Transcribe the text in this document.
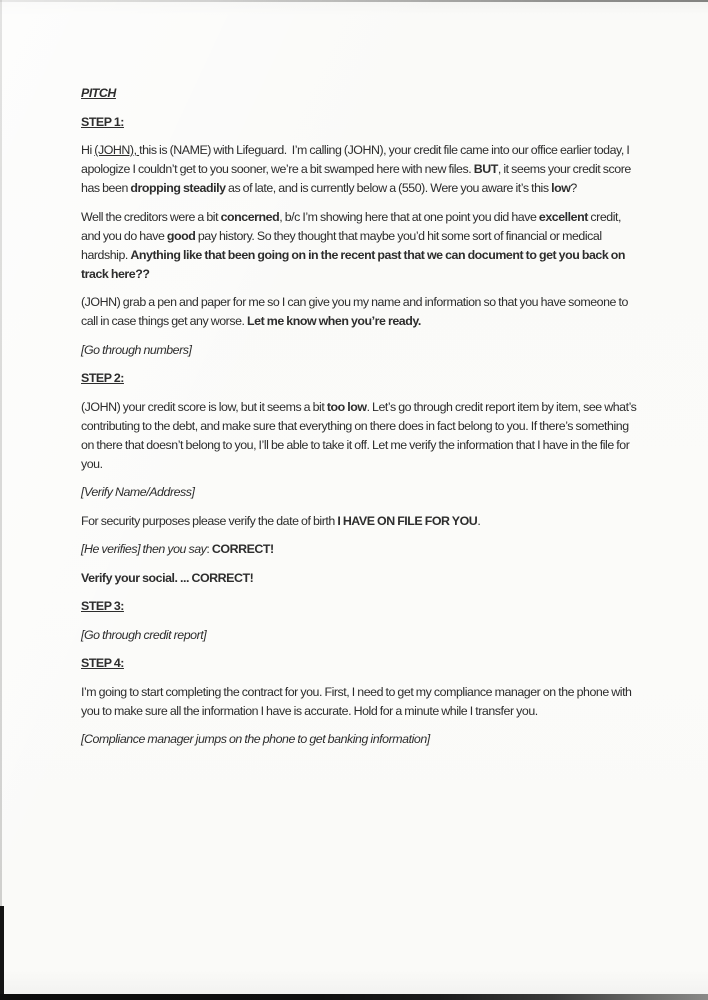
PITCH

STEP 1:

Hi (JOHN), this is (NAME) with Lifeguard.  I’m calling (JOHN), your credit file came into our office earlier today, I apologize I couldn’t get to you sooner, we’re a bit swamped here with new files. BUT, it seems your credit score has been dropping steadily as of late, and is currently below a (550). Were you aware it’s this low?

Well the creditors were a bit concerned, b/c I’m showing here that at one point you did have excellent credit, and you do have good pay history. So they thought that maybe you’d hit some sort of financial or medical hardship. Anything like that been going on in the recent past that we can document to get you back on track here??

(JOHN) grab a pen and paper for me so I can give you my name and information so that you have someone to call in case things get any worse. Let me know when you’re ready.

[Go through numbers]

STEP 2:

(JOHN) your credit score is low, but it seems a bit too low. Let’s go through credit report item by item, see what’s contributing to the debt, and make sure that everything on there does in fact belong to you. If there’s something on there that doesn’t belong to you, I’ll be able to take it off. Let me verify the information that I have in the file for you.

[Verify Name/Address]

For security purposes please verify the date of birth I HAVE ON FILE FOR YOU.

[He verifies] then you say: CORRECT!

Verify your social. ... CORRECT!

STEP 3:

[Go through credit report]

STEP 4:

I’m going to start completing the contract for you. First, I need to get my compliance manager on the phone with you to make sure all the information I have is accurate. Hold for a minute while I transfer you.

[Compliance manager jumps on the phone to get banking information]
